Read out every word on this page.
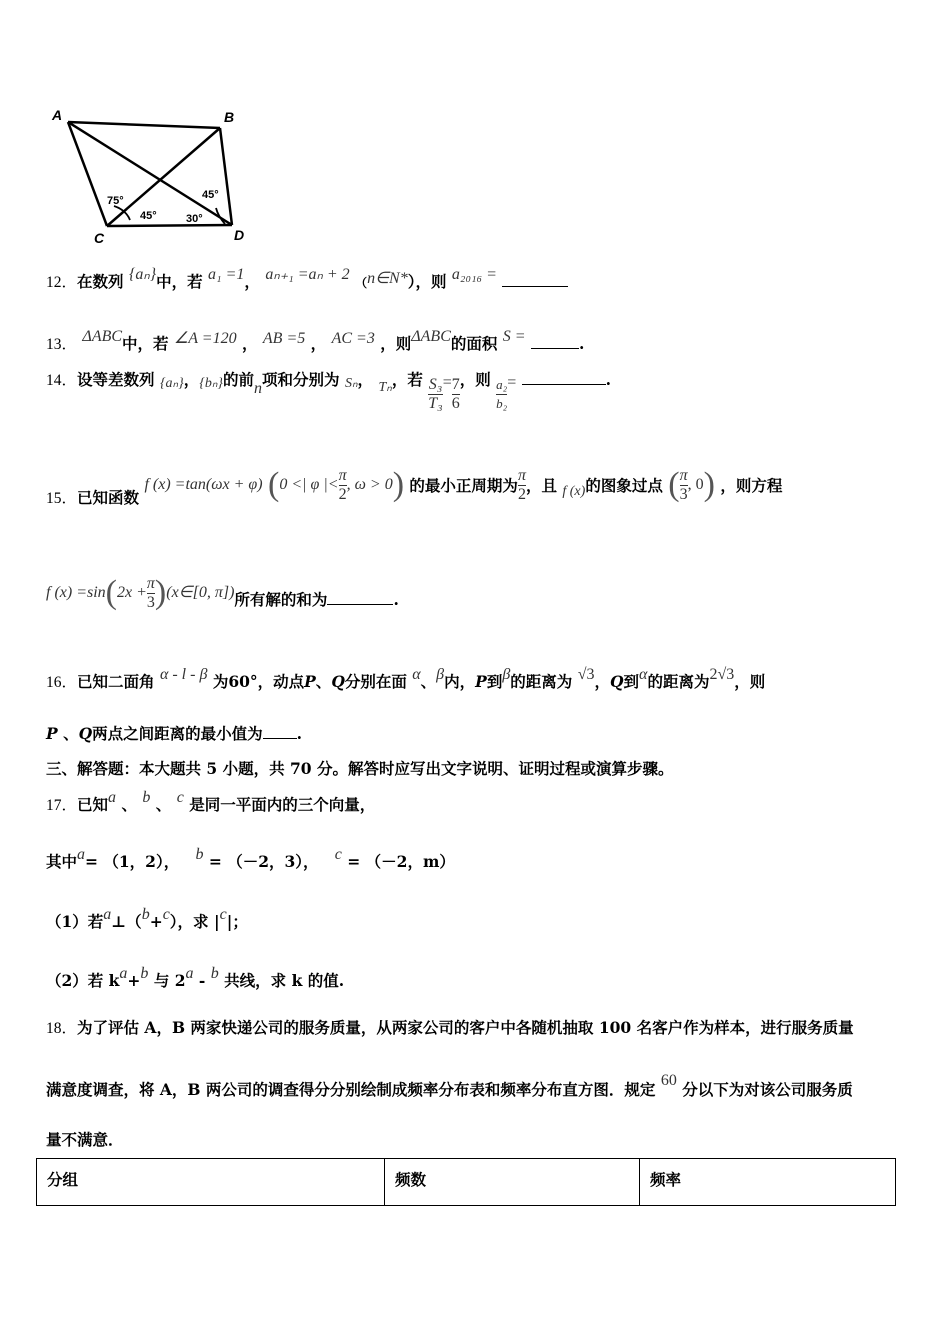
A	B
C	D
75°
45°	30°
45°
12．在数列 {aₙ}中，若 a₁ =1， aₙ₊₁ =aₙ + 2 （n∈N*），则 a₂₀₁₆ =
13． ΔABC中，若 ∠A =120 ， AB =5 ， AC =3 ，则ΔABC的面积 S =	.
14．设等差数列 {aₙ}，{bₙ}的前n项和分别为 Sₙ， Tₙ，若 $\frac{\text{S₃}}{\text{T₃}} = \frac{7}{6}$ ，则 $\frac{\text{a₂}}{\text{b₂}}$ =	.
15．已知函数 f (x) =tan(ωx + φ) (0 <| φ |< $\frac{\pi}{2}$ , ω > 0) 的最小正周期为 $\frac{\pi}{2}$ ，且 f (x)的图象过点 ( $\frac{\pi}{3}$ , 0) ，则方程
f $(x) =\sin(2x + \frac{\pi}{3}$ )(x∈[0, π])所有解的和为	.
16．已知二面角 α - l - β 为60°，动点P、Q分别在面 α、β内，P到β的距离为 √3，Q到α的距离为2√3，则
P 、Q两点之间距离的最小值为 .
三、解答题：本大题共 5 小题，共 70 分。解答时应写出文字说明、证明过程或演算步骤。
17．已知a 、 b 、 c 是同一平面内的三个向量，
其中a= （1，2）， b = （－2，3）， c = （－2，m）
（1）若a⊥（b+c），求 |c|；
（2）若 ka+b 与 2a - b 共线，求 k 的值.
18．为了评估 A，B 两家快递公司的服务质量，从两家公司的客户中各随机抽取 100 名客户作为样本，进行服务质量
满意度调查，将 A，B 两公司的调查得分分别绘制成频率分布表和频率分布直方图．规定 60 分以下为对该公司服务质
量不满意．
分组	频数	频率
